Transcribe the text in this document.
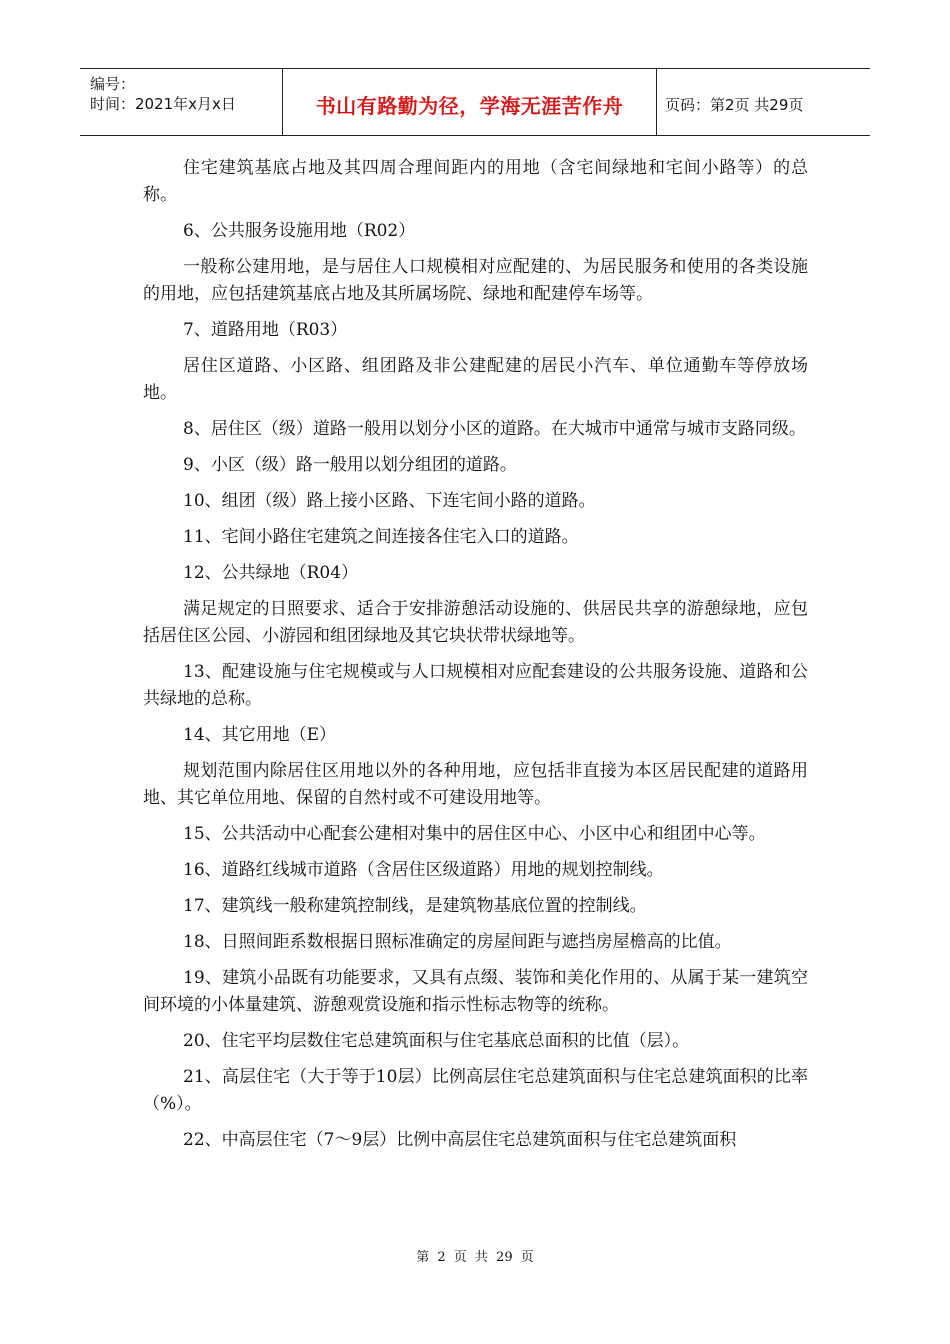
编号：
时间：2021年x月x日	书山有路勤为径，学海无涯苦作舟	页码：第2页 共29页

住宅建筑基底占地及其四周合理间距内的用地（含宅间绿地和宅间小路等）的总称。

6、公共服务设施用地（R02）

一般称公建用地，是与居住人口规模相对应配建的、为居民服务和使用的各类设施的用地，应包括建筑基底占地及其所属场院、绿地和配建停车场等。

7、道路用地（R03）

居住区道路、小区路、组团路及非公建配建的居民小汽车、单位通勤车等停放场地。

8、居住区（级）道路一般用以划分小区的道路。在大城市中通常与城市支路同级。

9、小区（级）路一般用以划分组团的道路。

10、组团（级）路上接小区路、下连宅间小路的道路。

11、宅间小路住宅建筑之间连接各住宅入口的道路。

12、公共绿地（R04）

满足规定的日照要求、适合于安排游憩活动设施的、供居民共享的游憩绿地，应包括居住区公园、小游园和组团绿地及其它块状带状绿地等。

13、配建设施与住宅规模或与人口规模相对应配套建设的公共服务设施、道路和公共绿地的总称。

14、其它用地（E）

规划范围内除居住区用地以外的各种用地，应包括非直接为本区居民配建的道路用地、其它单位用地、保留的自然村或不可建设用地等。

15、公共活动中心配套公建相对集中的居住区中心、小区中心和组团中心等。

16、道路红线城市道路（含居住区级道路）用地的规划控制线。

17、建筑线一般称建筑控制线，是建筑物基底位置的控制线。

18、日照间距系数根据日照标准确定的房屋间距与遮挡房屋檐高的比值。

19、建筑小品既有功能要求，又具有点缀、装饰和美化作用的、从属于某一建筑空间环境的小体量建筑、游憩观赏设施和指示性标志物等的统称。

20、住宅平均层数住宅总建筑面积与住宅基底总面积的比值（层）。

21、高层住宅（大于等于10层）比例高层住宅总建筑面积与住宅总建筑面积的比率（%）。

22、中高层住宅（7～9层）比例中高层住宅总建筑面积与住宅总建筑面积

第 2 页 共 29 页
